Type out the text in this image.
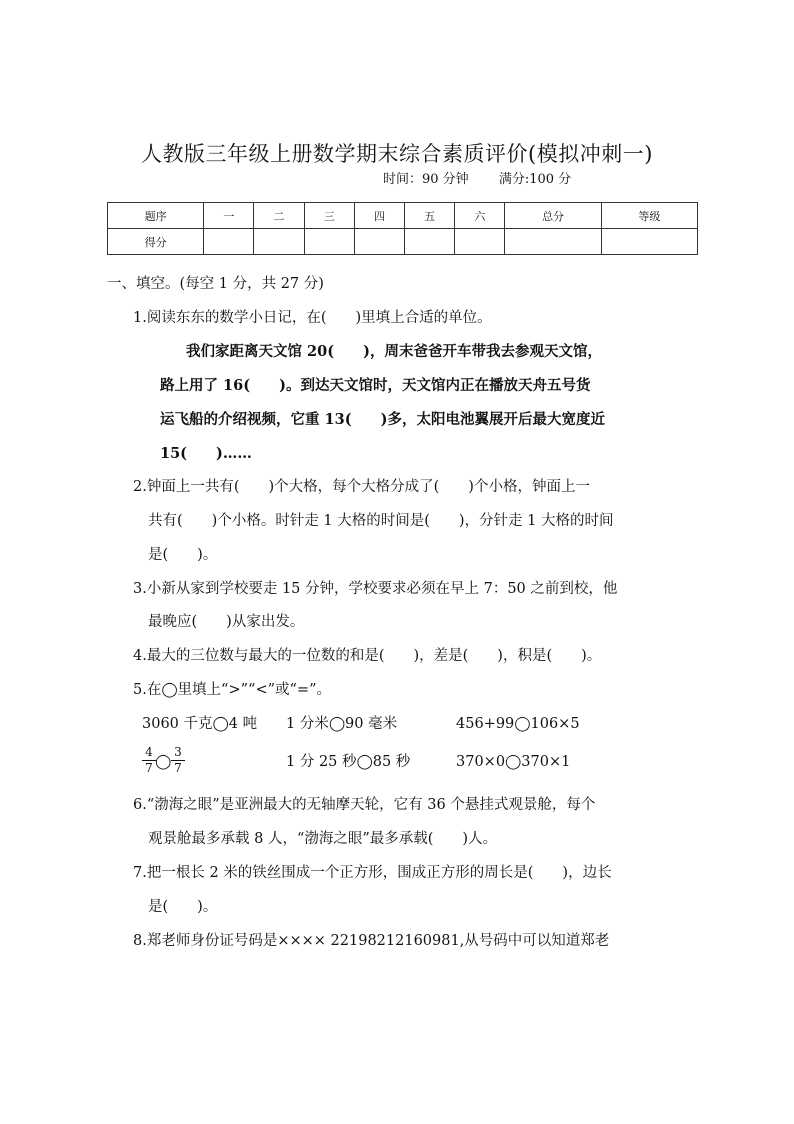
人教版三年级上册数学期末综合素质评价(模拟冲刺一)
时间：90 分钟 满分:100 分
题序	一	二	三	四	五	六	总分	等级
得分								
一、填空。(每空 1 分，共 27 分)
1.阅读东东的数学小日记，在(　　)里填上合适的单位。
我们家距离天文馆 20(　　)，周末爸爸开车带我去参观天文馆，
路上用了 16(　　)。到达天文馆时，天文馆内正在播放天舟五号货
运飞船的介绍视频，它重 13(　　)多，太阳电池翼展开后最大宽度近
15(　　)……
2.钟面上一共有(　　)个大格，每个大格分成了(　　)个小格，钟面上一
共有(　　)个小格。时针走 1 大格的时间是(　　)，分针走 1 大格的时间
是(　　)。
3.小新从家到学校要走 15 分钟，学校要求必须在早上 7：50 之前到校，他
最晚应(　　)从家出发。
4.最大的三位数与最大的一位数的和是(　　)，差是(　　)，积是(　　)。
5.在◯里填上“>”“<”或“=”。
3060 千克◯4 吨 1 分米◯90 毫米	456+99◯106×5
4
7 ◯
3
7	1 分 25 秒◯85 秒	370×0◯370×1
6.“渤海之眼”是亚洲最大的无轴摩天轮，它有 36 个悬挂式观景舱，每个
观景舱最多承载 8 人，“渤海之眼”最多承载(　　)人。
7.把一根长 2 米的铁丝围成一个正方形，围成正方形的周长是(　　)，边长
是(　　)。
8.郑老师身份证号码是×××× 22198212160981,从号码中可以知道郑老
